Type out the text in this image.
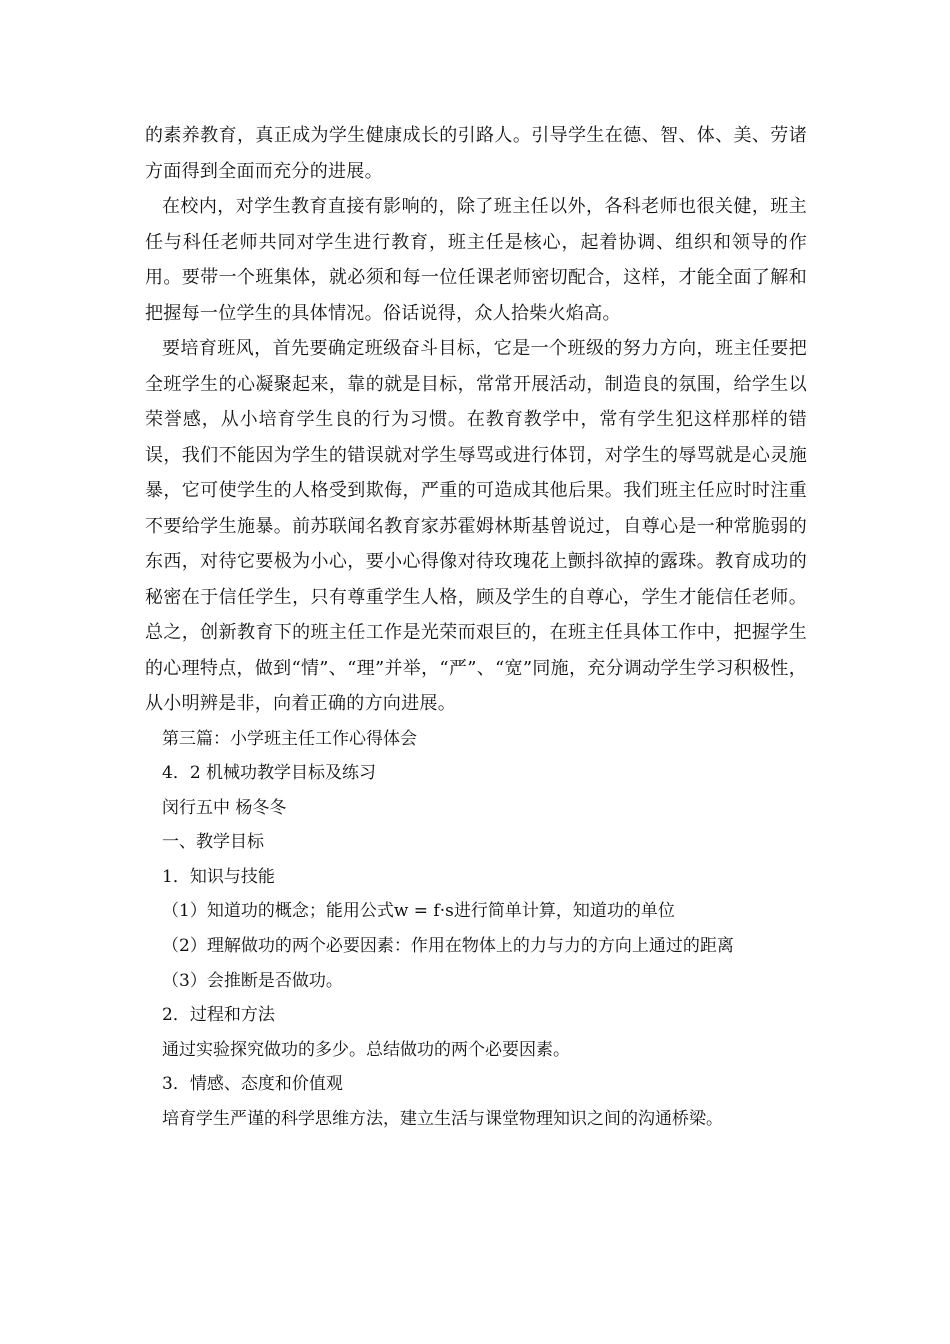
的素养教育，真正成为学生健康成长的引路人。引导学生在德、智、体、美、劳诸方面得到全面而充分的进展。

在校内，对学生教育直接有影响的，除了班主任以外，各科老师也很关健，班主任与科任老师共同对学生进行教育，班主任是核心，起着协调、组织和领导的作用。要带一个班集体，就必须和每一位任课老师密切配合，这样，才能全面了解和把握每一位学生的具体情况。俗话说得，众人拾柴火焰高。

要培育班风，首先要确定班级奋斗目标，它是一个班级的努力方向，班主任要把全班学生的心凝聚起来，靠的就是目标，常常开展活动，制造良的氛围，给学生以荣誉感，从小培育学生良的行为习惯。在教育教学中，常有学生犯这样那样的错误，我们不能因为学生的错误就对学生辱骂或进行体罚，对学生的辱骂就是心灵施暴，它可使学生的人格受到欺侮，严重的可造成其他后果。我们班主任应时时注重不要给学生施暴。前苏联闻名教育家苏霍姆林斯基曾说过，自尊心是一种常脆弱的东西，对待它要极为小心，要小心得像对待玫瑰花上颤抖欲掉的露珠。教育成功的秘密在于信任学生，只有尊重学生人格，顾及学生的自尊心，学生才能信任老师。总之，创新教育下的班主任工作是光荣而艰巨的，在班主任具体工作中，把握学生的心理特点，做到“情”、“理”并举，“严”、“宽”同施，充分调动学生学习积极性，从小明辨是非，向着正确的方向进展。

第三篇：小学班主任工作心得体会
4．2 机械功教学目标及练习
闵行五中 杨冬冬
一、教学目标
1．知识与技能
（1）知道功的概念；能用公式w = f·s进行简单计算，知道功的单位
（2）理解做功的两个必要因素：作用在物体上的力与力的方向上通过的距离
（3）会推断是否做功。
2．过程和方法
通过实验探究做功的多少。总结做功的两个必要因素。
3．情感、态度和价值观
培育学生严谨的科学思维方法，建立生活与课堂物理知识之间的沟通桥梁。
